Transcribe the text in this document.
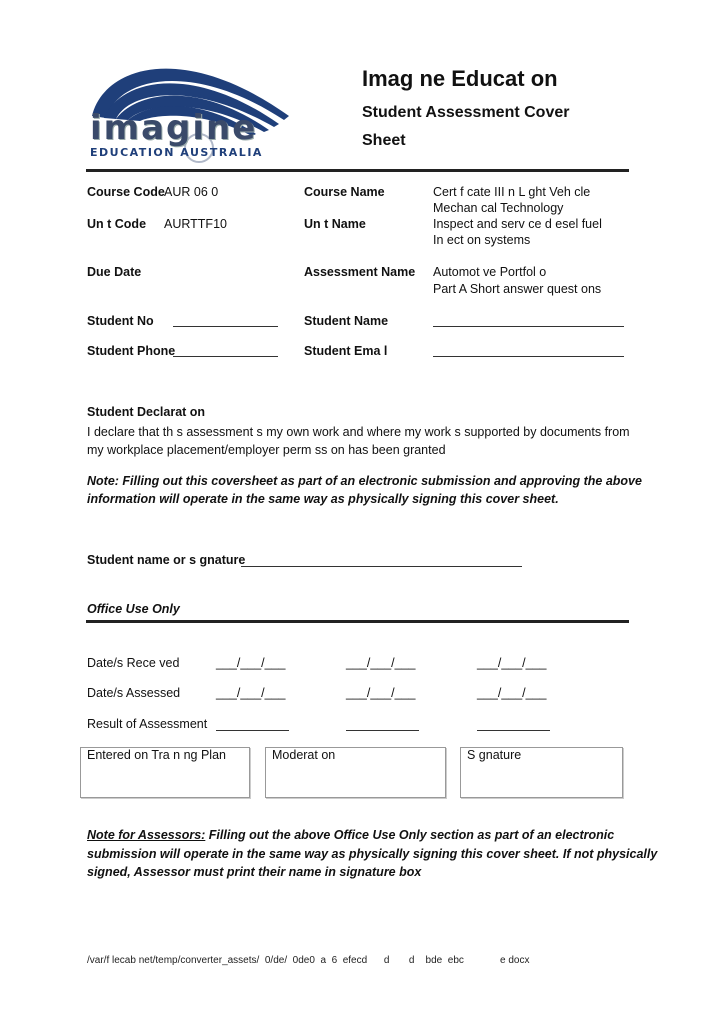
imagine
EDUCATION AUSTRALIA
Imag ne Educat on
Student Assessment Cover
Sheet
Course Code AUR 06 0	Course Name	Cert f cate III n L ght Veh cle
Mechan cal Technology
Un t Code AURTTF10	Un t Name	Inspect and serv ce d esel fuel
In ect on systems
Due Date	Assessment Name Automot ve Portfol o
Part A Short answer quest ons
Student No	Student Name
Student Phone	Student Ema l
Student Declarat on
I declare that th s assessment s my own work and where my work s supported by documents from
my workplace placement/employer perm ss on has been granted
Note: Filling out this coversheet as part of an electronic submission and approving the above
information will operate in the same way as physically signing this cover sheet.
Student name or s gnature
Office Use Only
Date/s Rece ved	___/___/___	___/___/___	___/___/___
Date/s Assessed	___/___/___	___/___/___	___/___/___
Result of Assessment
Entered on Tra n ng Plan	Moderat on	S gnature
Note for Assessors: Filling out the above Office Use Only section as part of an electronic
submission will operate in the same way as physically signing this cover sheet. If not physically
signed, Assessor must print their name in signature box
/var/f lecab net/temp/converter_assets/  0/de/  0de0  a  6  efecd      d       d    bde  ebc             e docx
